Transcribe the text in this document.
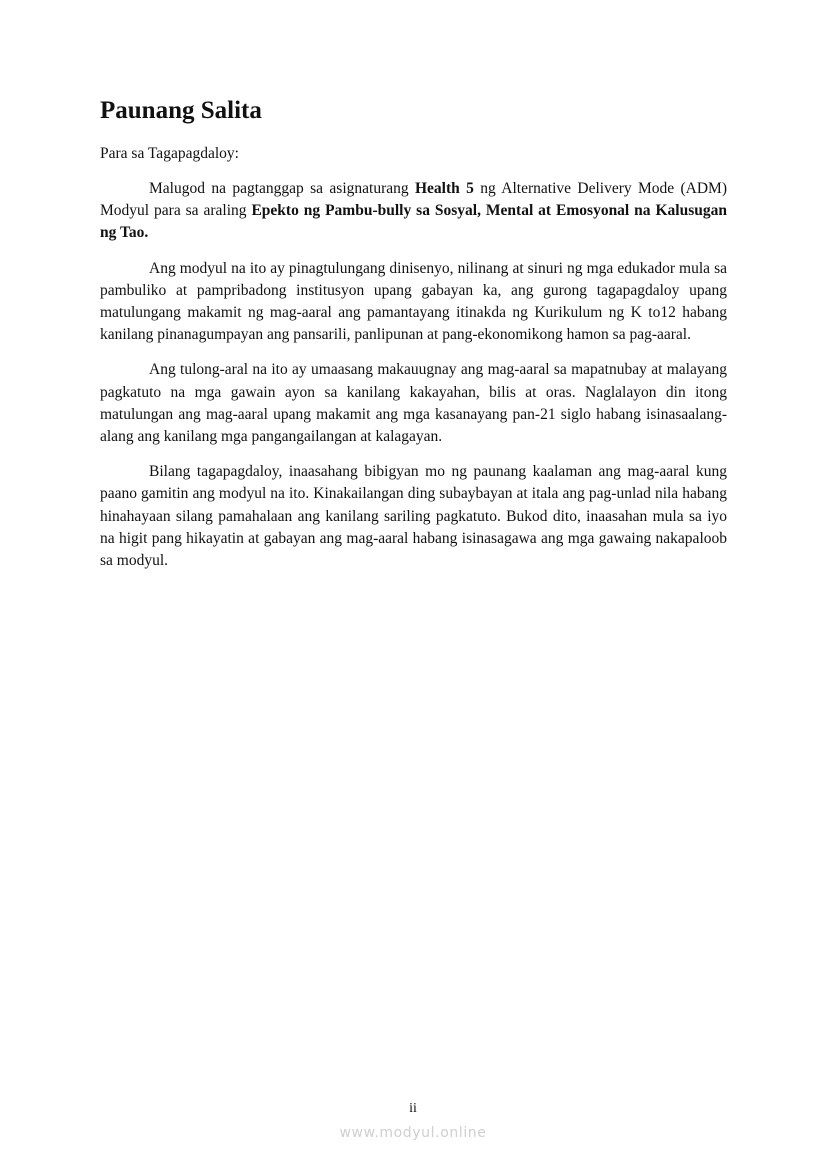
Paunang Salita

Para sa Tagapagdaloy:

Malugod na pagtanggap sa asignaturang Health 5 ng Alternative Delivery Mode (ADM) Modyul para sa araling Epekto ng Pambu-bully sa Sosyal, Mental at Emosyonal na Kalusugan ng Tao.

Ang modyul na ito ay pinagtulungang dinisenyo, nilinang at sinuri ng mga edukador mula sa pambuliko at pampribadong institusyon upang gabayan ka, ang gurong tagapagdaloy upang matulungang makamit ng mag-aaral ang pamantayang itinakda ng Kurikulum ng K to12 habang kanilang pinanagumpayan ang pansarili, panlipunan at pang-ekonomikong hamon sa pag-aaral.

Ang tulong-aral na ito ay umaasang makauugnay ang mag-aaral sa mapatnubay at malayang pagkatuto na mga gawain ayon sa kanilang kakayahan, bilis at oras. Naglalayon din itong matulungan ang mag-aaral upang makamit ang mga kasanayang pan-21 siglo habang isinasaalang-alang ang kanilang mga pangangailangan at kalagayan.

Bilang tagapagdaloy, inaasahang bibigyan mo ng paunang kaalaman ang mag-aaral kung paano gamitin ang modyul na ito. Kinakailangan ding subaybayan at itala ang pag-unlad nila habang hinahayaan silang pamahalaan ang kanilang sariling pagkatuto. Bukod dito, inaasahan mula sa iyo na higit pang hikayatin at gabayan ang mag-aaral habang isinasagawa ang mga gawaing nakapaloob sa modyul.

ii
www.modyul.online
